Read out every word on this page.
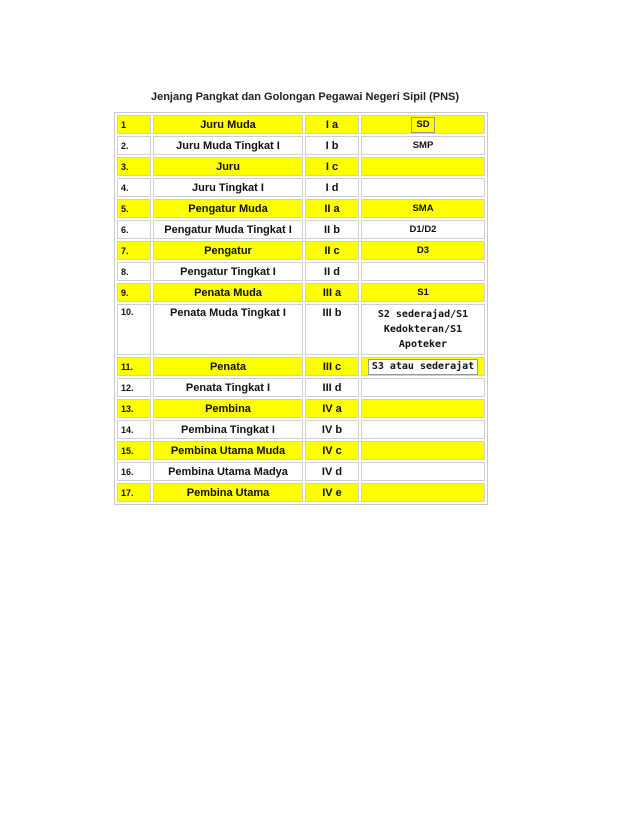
Jenjang Pangkat dan Golongan Pegawai Negeri Sipil (PNS)
1	Juru Muda	I a	SD
2.	Juru Muda Tingkat I	I b	SMP
3.	Juru	I c	
4.	Juru Tingkat I	I d	
5.	Pengatur Muda	II a	SMA
6.	Pengatur Muda Tingkat I	II b	D1/D2
7.	Pengatur	II c	D3
8.	Pengatur Tingkat I	II d	
9.	Penata Muda	III a	S1
10.	Penata Muda Tingkat I	III b	S2 sederajad/S1
Kedokteran/S1
Apoteker

11.	Penata	III c	S3 atau sederajat
12.	Penata Tingkat I	III d	
13.	Pembina	IV a	
14.	Pembina Tingkat I	IV b	
15.	Pembina Utama Muda	IV c	
16.	Pembina Utama Madya	IV d	
17.	Pembina Utama	IV e	
